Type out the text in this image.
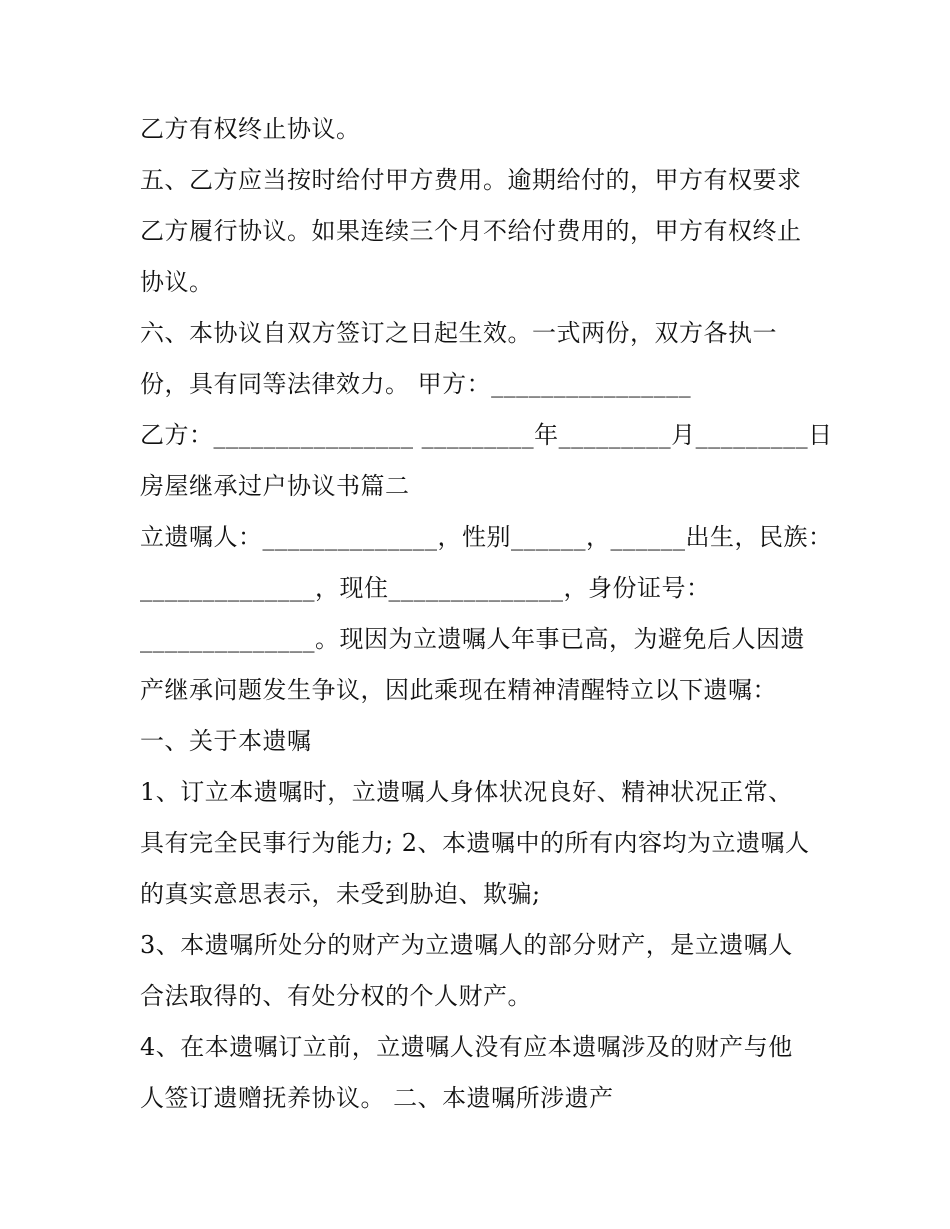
乙方有权终止协议。
五、乙方应当按时给付甲方费用。逾期给付的，甲方有权要求
乙方履行协议。如果连续三个月不给付费用的，甲方有权终止
协议。
六、本协议自双方签订之日起生效。一式两份，双方各执一
份，具有同等法律效力。 甲方：________________
乙方：________________ _________年_________月_________日
房屋继承过户协议书篇二
立遗嘱人：______________，性别______，______出生，民族：
______________，现住______________，身份证号：
______________。现因为立遗嘱人年事已高，为避免后人因遗
产继承问题发生争议，因此乘现在精神清醒特立以下遗嘱：
一、关于本遗嘱
1、订立本遗嘱时，立遗嘱人身体状况良好、精神状况正常、
具有完全民事行为能力; 2、本遗嘱中的所有内容均为立遗嘱人
的真实意思表示，未受到胁迫、欺骗;
3、本遗嘱所处分的财产为立遗嘱人的部分财产，是立遗嘱人
合法取得的、有处分权的个人财产。
4、在本遗嘱订立前，立遗嘱人没有应本遗嘱涉及的财产与他
人签订遗赠抚养协议。 二、本遗嘱所涉遗产
